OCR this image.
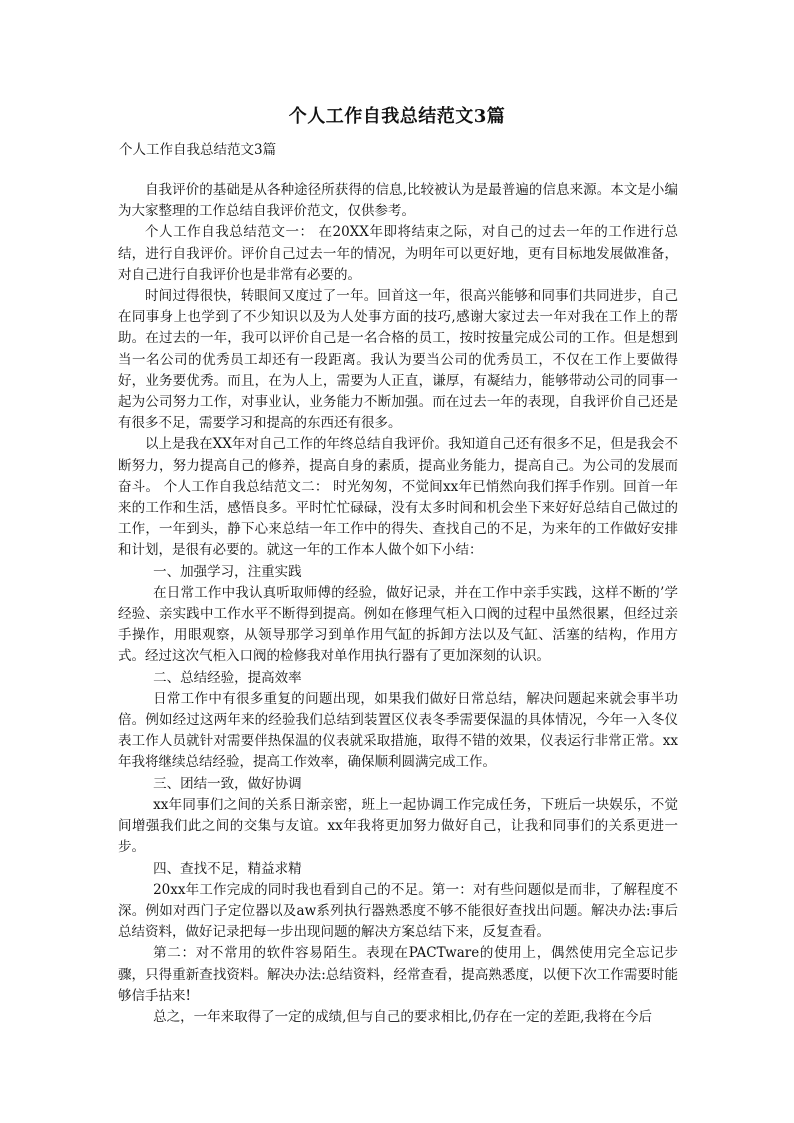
个人工作自我总结范文3篇
个人工作自我总结范文3篇

自我评价的基础是从各种途径所获得的信息,比较被认为是最普遍的信息来源。本文是小编为大家整理的工作总结自我评价范文，仅供参考。

个人工作自我总结范文一： 在20XX年即将结束之际，对自己的过去一年的工作进行总结，进行自我评价。评价自己过去一年的情况，为明年可以更好地，更有目标地发展做准备，对自己进行自我评价也是非常有必要的。

时间过得很快，转眼间又度过了一年。回首这一年，很高兴能够和同事们共同进步，自己在同事身上也学到了不少知识以及为人处事方面的技巧,感谢大家过去一年对我在工作上的帮助。在过去的一年，我可以评价自己是一名合格的员工，按时按量完成公司的工作。但是想到当一名公司的优秀员工却还有一段距离。我认为要当公司的优秀员工，不仅在工作上要做得好，业务要优秀。而且，在为人上，需要为人正直，谦厚，有凝结力，能够带动公司的同事一起为公司努力工作，对事业认，业务能力不断加强。而在过去一年的表现，自我评价自己还是有很多不足，需要学习和提高的东西还有很多。

以上是我在XX年对自己工作的年终总结自我评价。我知道自己还有很多不足，但是我会不断努力，努力提高自己的修养，提高自身的素质，提高业务能力，提高自己。为公司的发展而奋斗。 个人工作自我总结范文二： 时光匆匆，不觉间xx年已悄然向我们挥手作别。回首一年来的工作和生活，感悟良多。平时忙忙碌碌，没有太多时间和机会坐下来好好总结自己做过的工作，一年到头，静下心来总结一年工作中的得失、查找自己的不足，为来年的工作做好安排和计划，是很有必要的。就这一年的工作本人做个如下小结：

一、加强学习，注重实践

在日常工作中我认真听取师傅的经验，做好记录，并在工作中亲手实践，这样不断的’学经验、亲实践中工作水平不断得到提高。例如在修理气柜入口阀的过程中虽然很累，但经过亲手操作，用眼观察，从领导那学习到单作用气缸的拆卸方法以及气缸、活塞的结构，作用方式。经过这次气柜入口阀的检修我对单作用执行器有了更加深刻的认识。

二、总结经验，提高效率

日常工作中有很多重复的问题出现，如果我们做好日常总结，解决问题起来就会事半功倍。例如经过这两年来的经验我们总结到装置区仪表冬季需要保温的具体情况，今年一入冬仪表工作人员就针对需要伴热保温的仪表就采取措施，取得不错的效果，仪表运行非常正常。xx年我将继续总结经验，提高工作效率，确保顺利圆满完成工作。

三、团结一致，做好协调

xx年同事们之间的关系日渐亲密，班上一起协调工作完成任务，下班后一块娱乐，不觉间增强我们此之间的交集与友谊。xx年我将更加努力做好自己，让我和同事们的关系更进一步。

四、查找不足，精益求精

20xx年工作完成的同时我也看到自己的不足。第一：对有些问题似是而非，了解程度不深。例如对西门子定位器以及aw系列执行器熟悉度不够不能很好查找出问题。解决办法:事后总结资料，做好记录把每一步出现问题的解决方案总结下来，反复查看。

第二：对不常用的软件容易陌生。表现在PACTware的使用上，偶然使用完全忘记步骤，只得重新查找资料。解决办法:总结资料，经常查看，提高熟悉度，以便下次工作需要时能够信手拈来!

总之，一年来取得了一定的成绩,但与自己的要求相比,仍存在一定的差距,我将在今后
